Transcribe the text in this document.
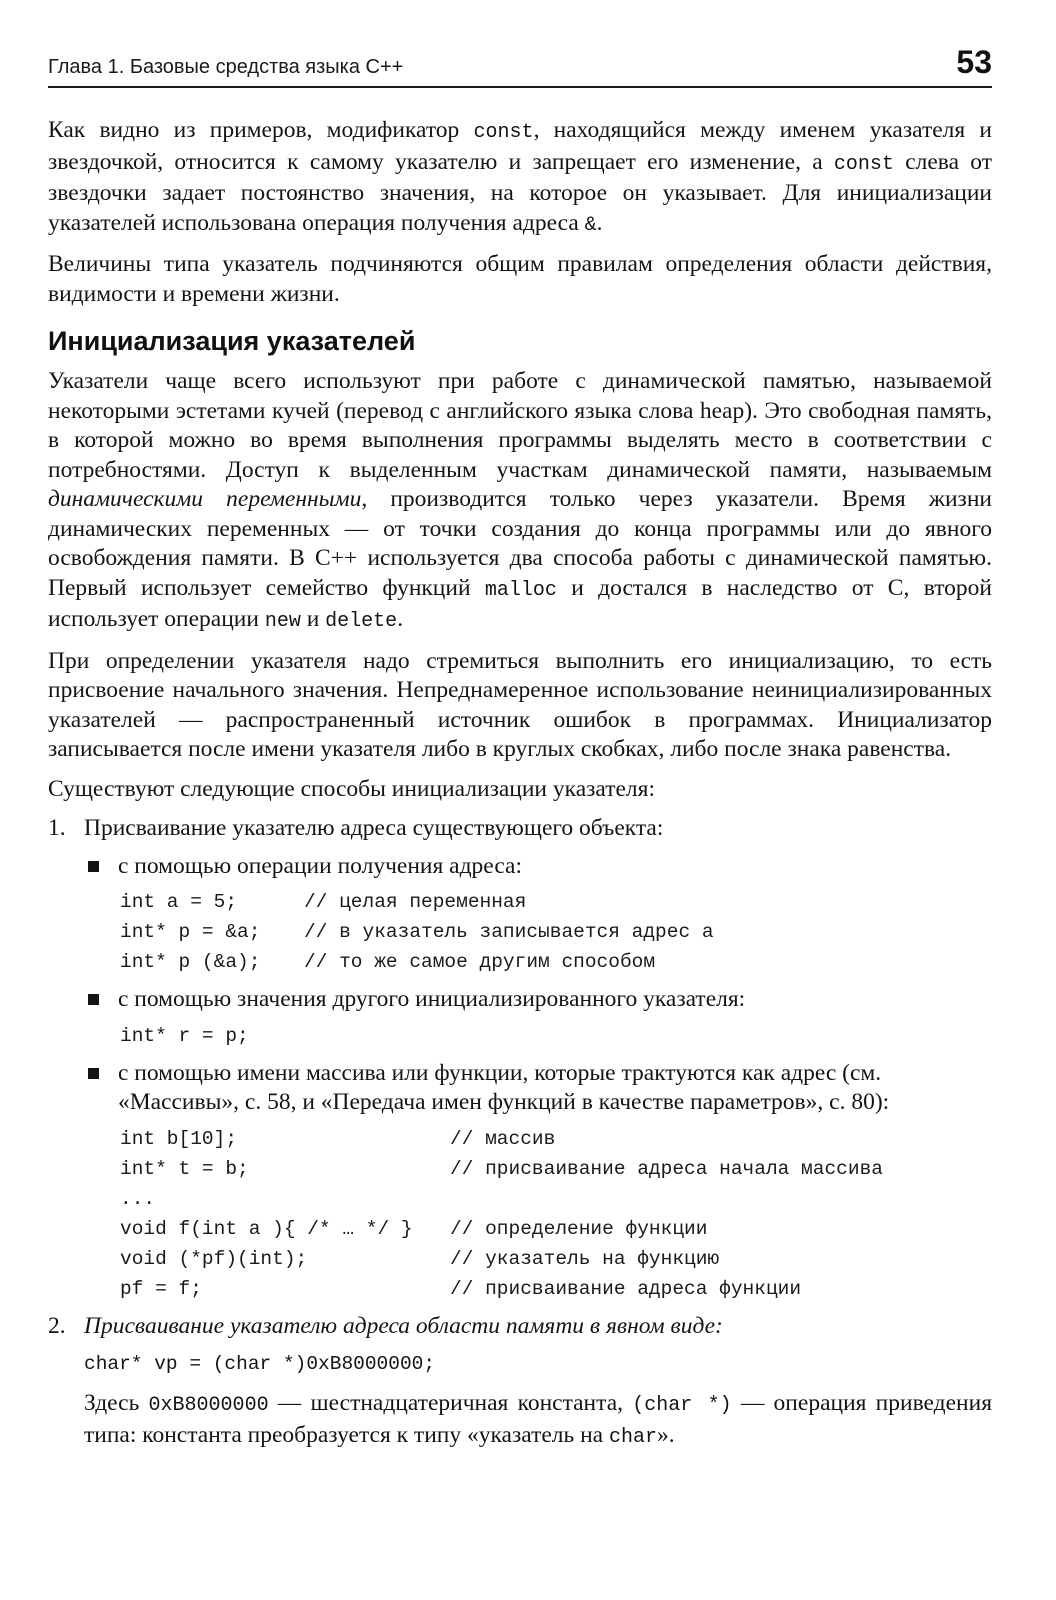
Глава 1. Базовые средства языка C++	53

Как видно из примеров, модификатор const, находящийся между именем указателя и звездочкой, относится к самому указателю и запрещает его изменение, а const слева от звездочки задает постоянство значения, на которое он указывает. Для инициализации указателей использована операция получения адреса &.

Величины типа указатель подчиняются общим правилам определения области действия, видимости и времени жизни.

Инициализация указателей

Указатели чаще всего используют при работе с динамической памятью, называемой некоторыми эстетами кучей (перевод с английского языка слова heap). Это свободная память, в которой можно во время выполнения программы выделять место в соответствии с потребностями. Доступ к выделенным участкам динамической памяти, называемым динамическими переменными, производится только через указатели. Время жизни динамических переменных — от точки создания до конца программы или до явного освобождения памяти. В C++ используется два способа работы с динамической памятью. Первый использует семейство функций malloc и достался в наследство от C, второй использует операции new и delete.

При определении указателя надо стремиться выполнить его инициализацию, то есть присвоение начального значения. Непреднамеренное использование неинициализированных указателей — распространенный источник ошибок в программах. Инициализатор записывается после имени указателя либо в круглых скобках, либо после знака равенства.

Существуют следующие способы инициализации указателя:

1. Присваивание указателю адреса существующего объекта:
с помощью операции получения адреса:
int a = 5;	// целая переменная
int* p = &a;	// в указатель записывается адрес a
int* p (&a);	// то же самое другим способом
с помощью значения другого инициализированного указателя:
int* r = p;
с помощью имени массива или функции, которые трактуются как адрес (см. «Массивы», с. 58, и «Передача имен функций в качестве параметров», с. 80):
int b[10];	// массив
int* t = b;	// присваивание адреса начала массива
...
void f(int a ){ /* … */ }	// определение функции
void (*pf)(int);	// указатель на функцию
pf = f;	// присваивание адреса функции
2. Присваивание указателю адреса области памяти в явном виде:
char* vp = (char *)0xB8000000;

Здесь 0xB8000000 — шестнадцатеричная константа, (char *) — операция приведения типа: константа преобразуется к типу «указатель на char».
